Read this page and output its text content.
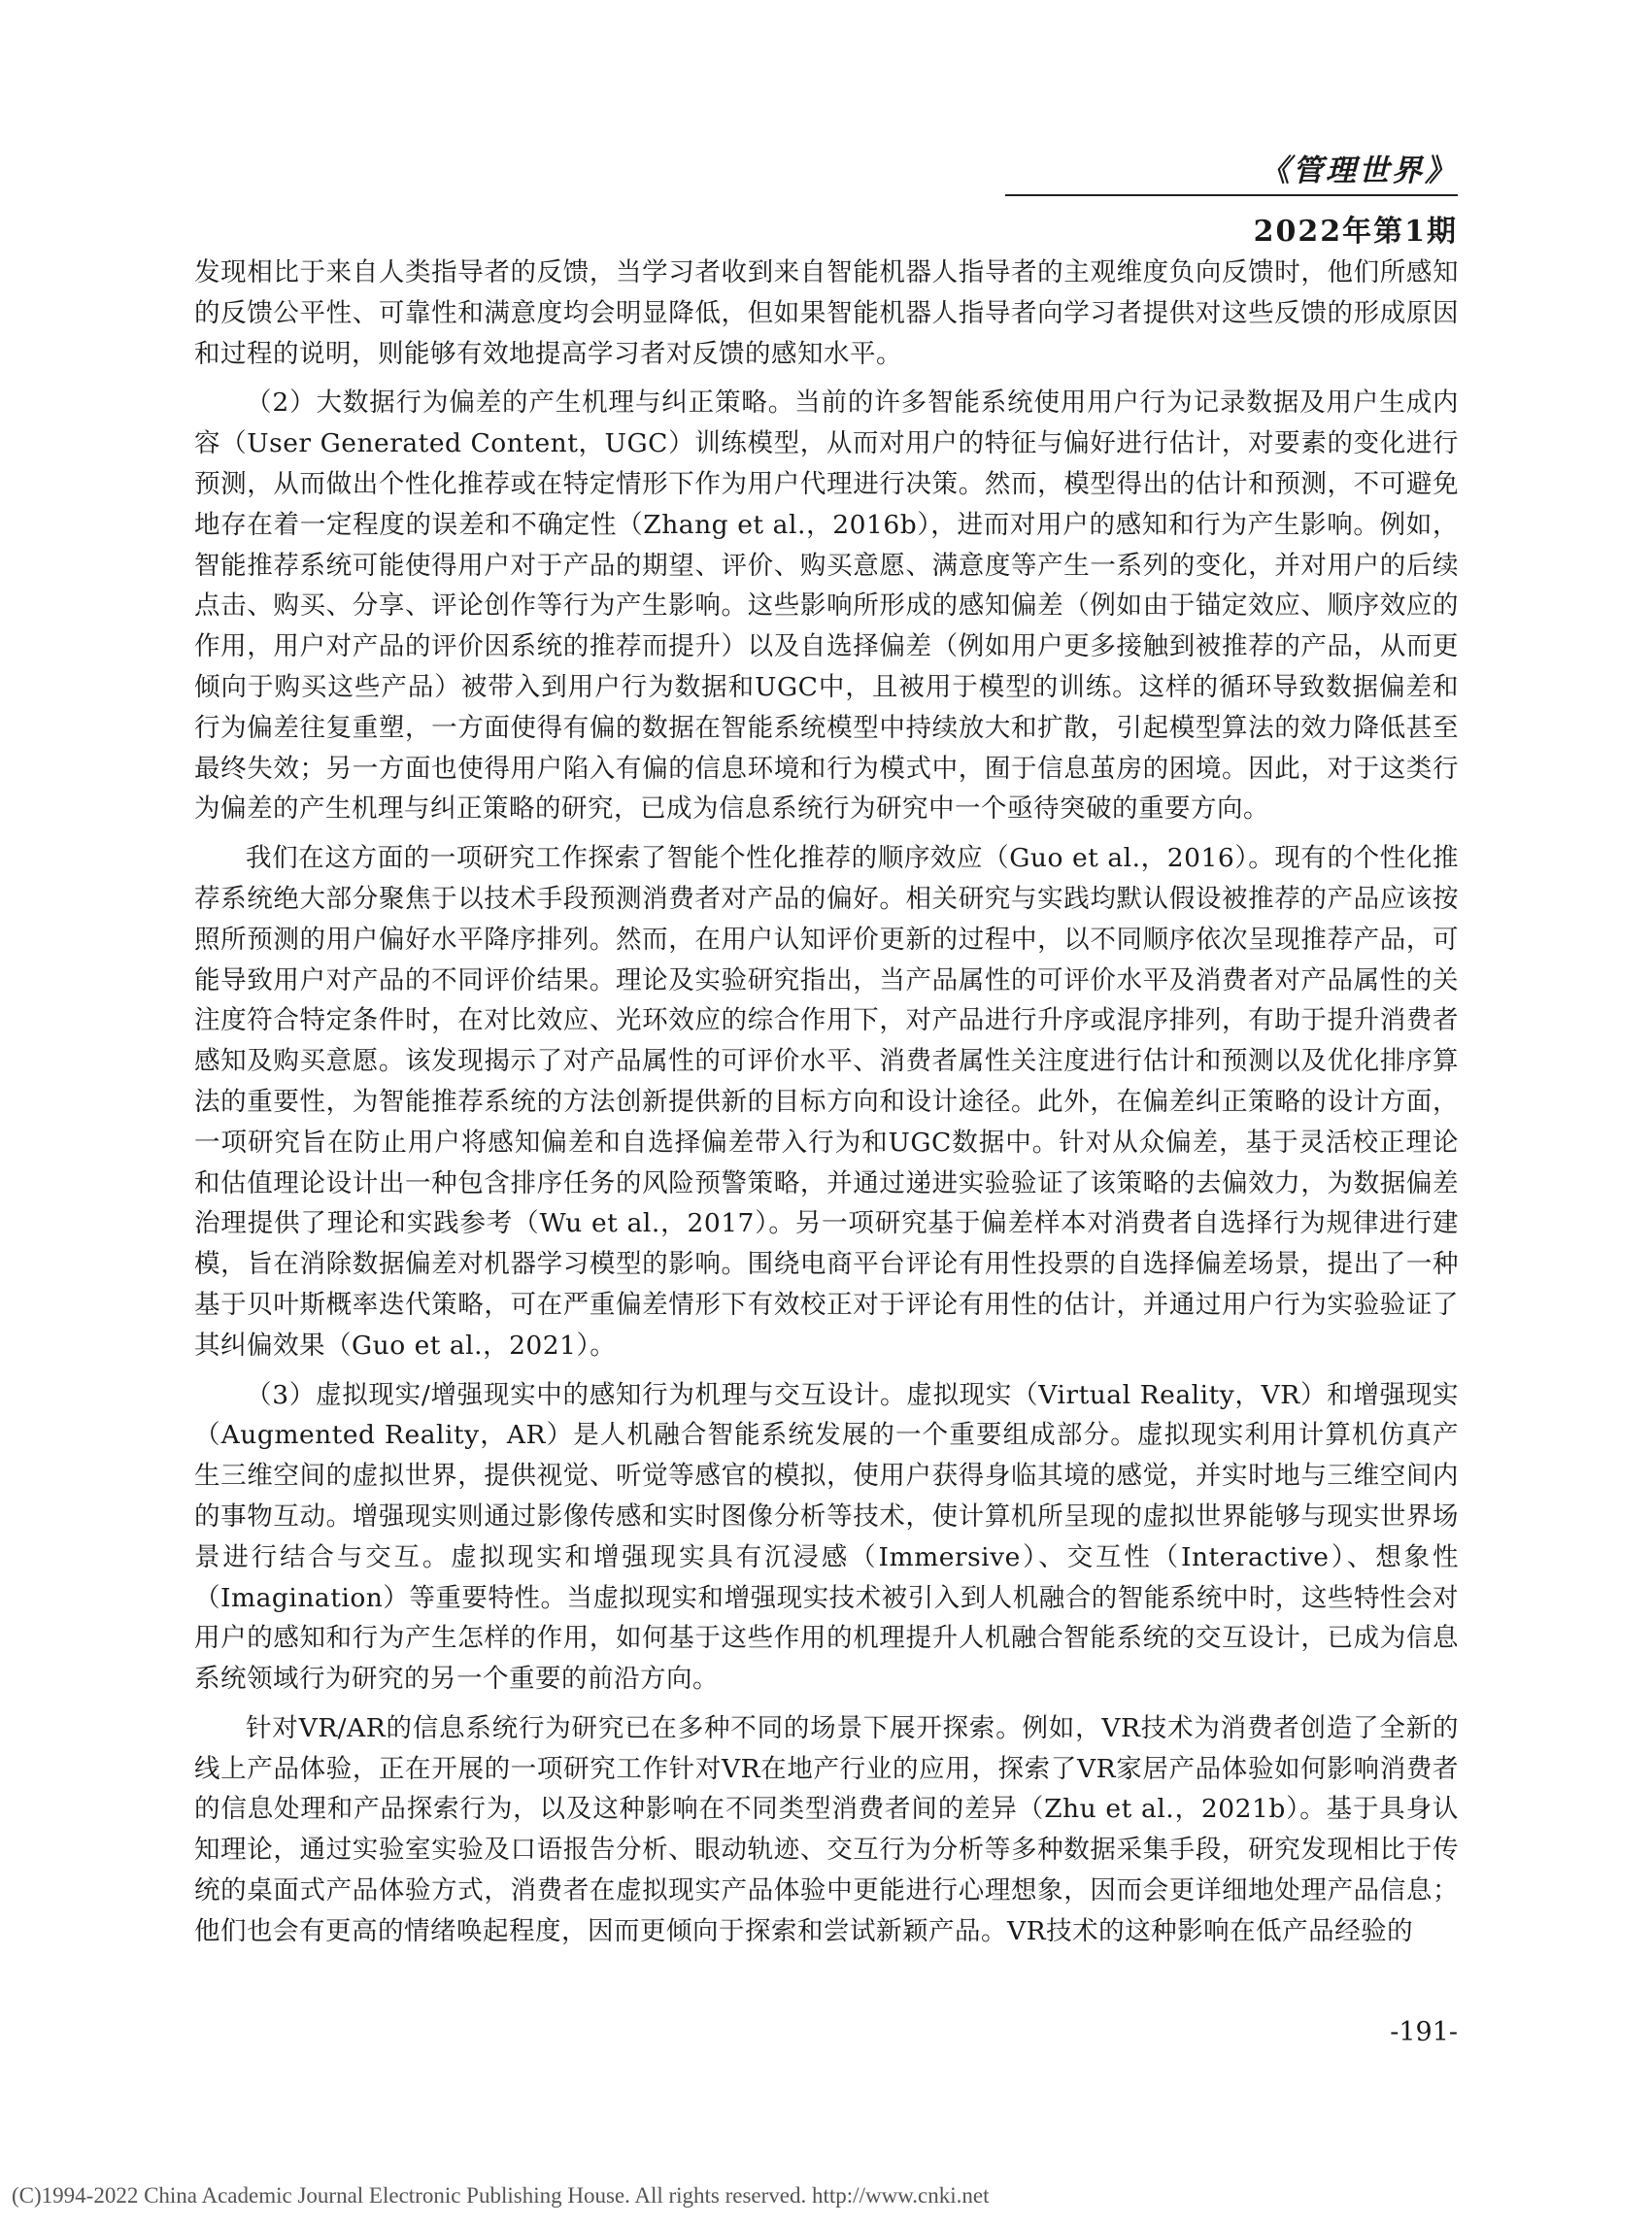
《管理世界》
2022年第1期

发现相比于来自人类指导者的反馈，当学习者收到来自智能机器人指导者的主观维度负向反馈时，他们所感知的反馈公平性、可靠性和满意度均会明显降低，但如果智能机器人指导者向学习者提供对这些反馈的形成原因和过程的说明，则能够有效地提高学习者对反馈的感知水平。

（2）大数据行为偏差的产生机理与纠正策略。当前的许多智能系统使用用户行为记录数据及用户生成内容（User Generated Content，UGC）训练模型，从而对用户的特征与偏好进行估计，对要素的变化进行预测，从而做出个性化推荐或在特定情形下作为用户代理进行决策。然而，模型得出的估计和预测，不可避免地存在着一定程度的误差和不确定性（Zhang et al.，2016b），进而对用户的感知和行为产生影响。例如，智能推荐系统可能使得用户对于产品的期望、评价、购买意愿、满意度等产生一系列的变化，并对用户的后续点击、购买、分享、评论创作等行为产生影响。这些影响所形成的感知偏差（例如由于锚定效应、顺序效应的作用，用户对产品的评价因系统的推荐而提升）以及自选择偏差（例如用户更多接触到被推荐的产品，从而更倾向于购买这些产品）被带入到用户行为数据和UGC中，且被用于模型的训练。这样的循环导致数据偏差和行为偏差往复重塑，一方面使得有偏的数据在智能系统模型中持续放大和扩散，引起模型算法的效力降低甚至最终失效；另一方面也使得用户陷入有偏的信息环境和行为模式中，囿于信息茧房的困境。因此，对于这类行为偏差的产生机理与纠正策略的研究，已成为信息系统行为研究中一个亟待突破的重要方向。

我们在这方面的一项研究工作探索了智能个性化推荐的顺序效应（Guo et al.，2016）。现有的个性化推荐系统绝大部分聚焦于以技术手段预测消费者对产品的偏好。相关研究与实践均默认假设被推荐的产品应该按照所预测的用户偏好水平降序排列。然而，在用户认知评价更新的过程中，以不同顺序依次呈现推荐产品，可能导致用户对产品的不同评价结果。理论及实验研究指出，当产品属性的可评价水平及消费者对产品属性的关注度符合特定条件时，在对比效应、光环效应的综合作用下，对产品进行升序或混序排列，有助于提升消费者感知及购买意愿。该发现揭示了对产品属性的可评价水平、消费者属性关注度进行估计和预测以及优化排序算法的重要性，为智能推荐系统的方法创新提供新的目标方向和设计途径。此外，在偏差纠正策略的设计方面，一项研究旨在防止用户将感知偏差和自选择偏差带入行为和UGC数据中。针对从众偏差，基于灵活校正理论和估值理论设计出一种包含排序任务的风险预警策略，并通过递进实验验证了该策略的去偏效力，为数据偏差治理提供了理论和实践参考（Wu et al.，2017）。另一项研究基于偏差样本对消费者自选择行为规律进行建模，旨在消除数据偏差对机器学习模型的影响。围绕电商平台评论有用性投票的自选择偏差场景，提出了一种基于贝叶斯概率迭代策略，可在严重偏差情形下有效校正对于评论有用性的估计，并通过用户行为实验验证了其纠偏效果（Guo et al.，2021）。

（3）虚拟现实/增强现实中的感知行为机理与交互设计。虚拟现实（Virtual Reality，VR）和增强现实（Augmented Reality，AR）是人机融合智能系统发展的一个重要组成部分。虚拟现实利用计算机仿真产生三维空间的虚拟世界，提供视觉、听觉等感官的模拟，使用户获得身临其境的感觉，并实时地与三维空间内的事物互动。增强现实则通过影像传感和实时图像分析等技术，使计算机所呈现的虚拟世界能够与现实世界场景进行结合与交互。虚拟现实和增强现实具有沉浸感（Immersive）、交互性（Interactive）、想象性（Imagination）等重要特性。当虚拟现实和增强现实技术被引入到人机融合的智能系统中时，这些特性会对用户的感知和行为产生怎样的作用，如何基于这些作用的机理提升人机融合智能系统的交互设计，已成为信息系统领域行为研究的另一个重要的前沿方向。

针对VR/AR的信息系统行为研究已在多种不同的场景下展开探索。例如，VR技术为消费者创造了全新的线上产品体验，正在开展的一项研究工作针对VR在地产行业的应用，探索了VR家居产品体验如何影响消费者的信息处理和产品探索行为，以及这种影响在不同类型消费者间的差异（Zhu et al.，2021b）。基于具身认知理论，通过实验室实验及口语报告分析、眼动轨迹、交互行为分析等多种数据采集手段，研究发现相比于传统的桌面式产品体验方式，消费者在虚拟现实产品体验中更能进行心理想象，因而会更详细地处理产品信息；他们也会有更高的情绪唤起程度，因而更倾向于探索和尝试新颖产品。VR技术的这种影响在低产品经验的

-191-
(C)1994-2022 China Academic Journal Electronic Publishing House. All rights reserved. http://www.cnki.net
